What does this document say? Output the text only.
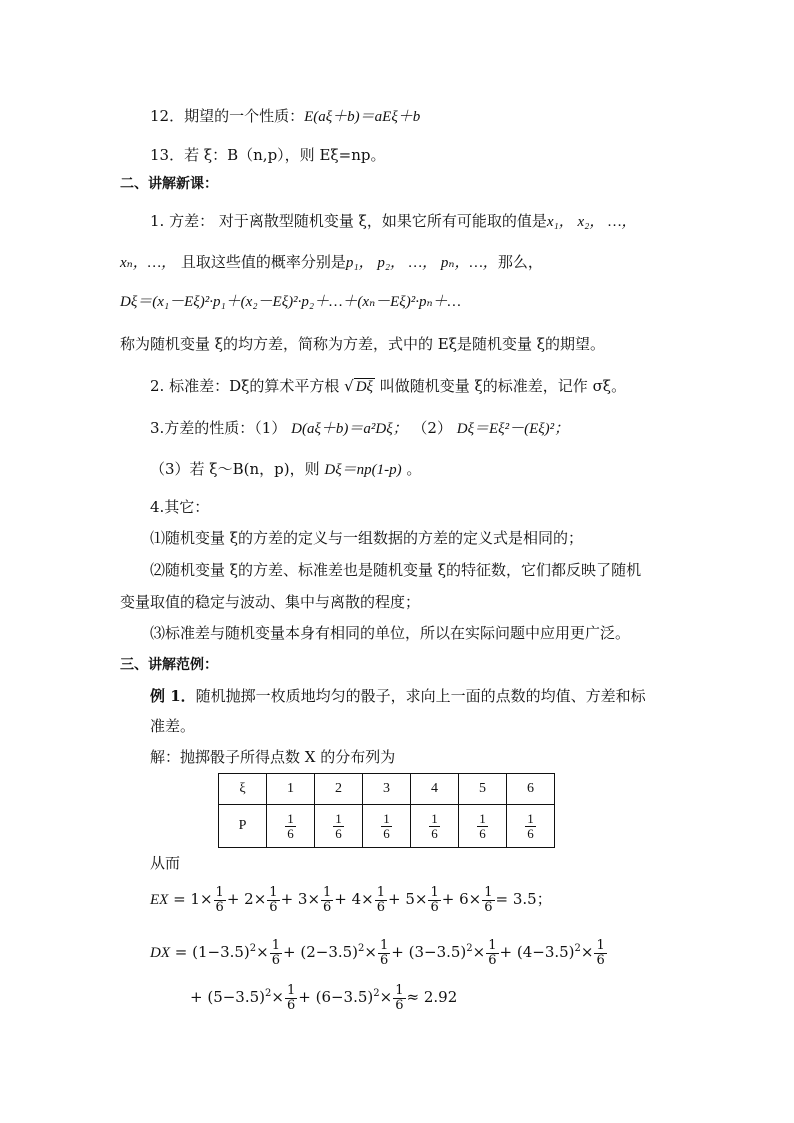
12．期望的一个性质：E(aξ＋b)＝aEξ＋b
13．若 ξ：B（n,p），则 Eξ=np。
二、讲解新课：
1. 方差： 对于离散型随机变量 ξ，如果它所有可能取的值是x₁， x₂， …，
xₙ，…， 且取这些值的概率分别是p₁， p₂， …， pₙ，…，那么，
Dξ＝(x₁－Eξ)²·p₁＋(x₂－Eξ)²·p₂＋…＋(xₙ－Eξ)²·pₙ＋…
称为随机变量 ξ的均方差，简称为方差，式中的 Eξ是随机变量 ξ的期望。
2. 标准差：Dξ的算术平方根 √ Dξ 叫做随机变量 ξ的标准差，记作 σξ。
3.方差的性质：（1） D(aξ＋b)＝a²Dξ； （2） Dξ＝Eξ²－(Eξ)²；
（3）若 ξ～B(n，p)，则 Dξ＝np(1-p) 。
4.其它：
⑴随机变量 ξ的方差的定义与一组数据的方差的定义式是相同的；
⑵随机变量 ξ的方差、标准差也是随机变量 ξ的特征数，它们都反映了随机
变量取值的稳定与波动、集中与离散的程度；
⑶标准差与随机变量本身有相同的单位，所以在实际问题中应用更广泛。
三、讲解范例：
例 1．随机抛掷一枚质地均匀的骰子，求向上一面的点数的均值、方差和标
准差。
解：抛掷骰子所得点数 X 的分布列为
ξ	1	2	3	4	5	6
P	$\frac{1}{6}$	$\frac{1}{6}$	$\frac{1}{6}$	$\frac{1}{6}$	$\frac{1}{6}$	$\frac{1}{6}$
从而
EX = $1\times \frac{1}{6} + 2\times \frac{1}{6} + 3\times \frac{1}{6} + 4\times \frac{1}{6} + 5\times \frac{1}{6} + 6\times \frac{1}{6} = 3.5$；
DX = $(1-3.5)^2\times \frac{1}{6} + (2-3.5)^2\times \frac{1}{6} + (3-3.5)^2\times \frac{1}{6} + (4-3.5)^2\times \frac{1}{6}$
+ $(5-3.5)^2\times \frac{1}{6} + (6-3.5)^2\times \frac{1}{6} \approx 2.92$
